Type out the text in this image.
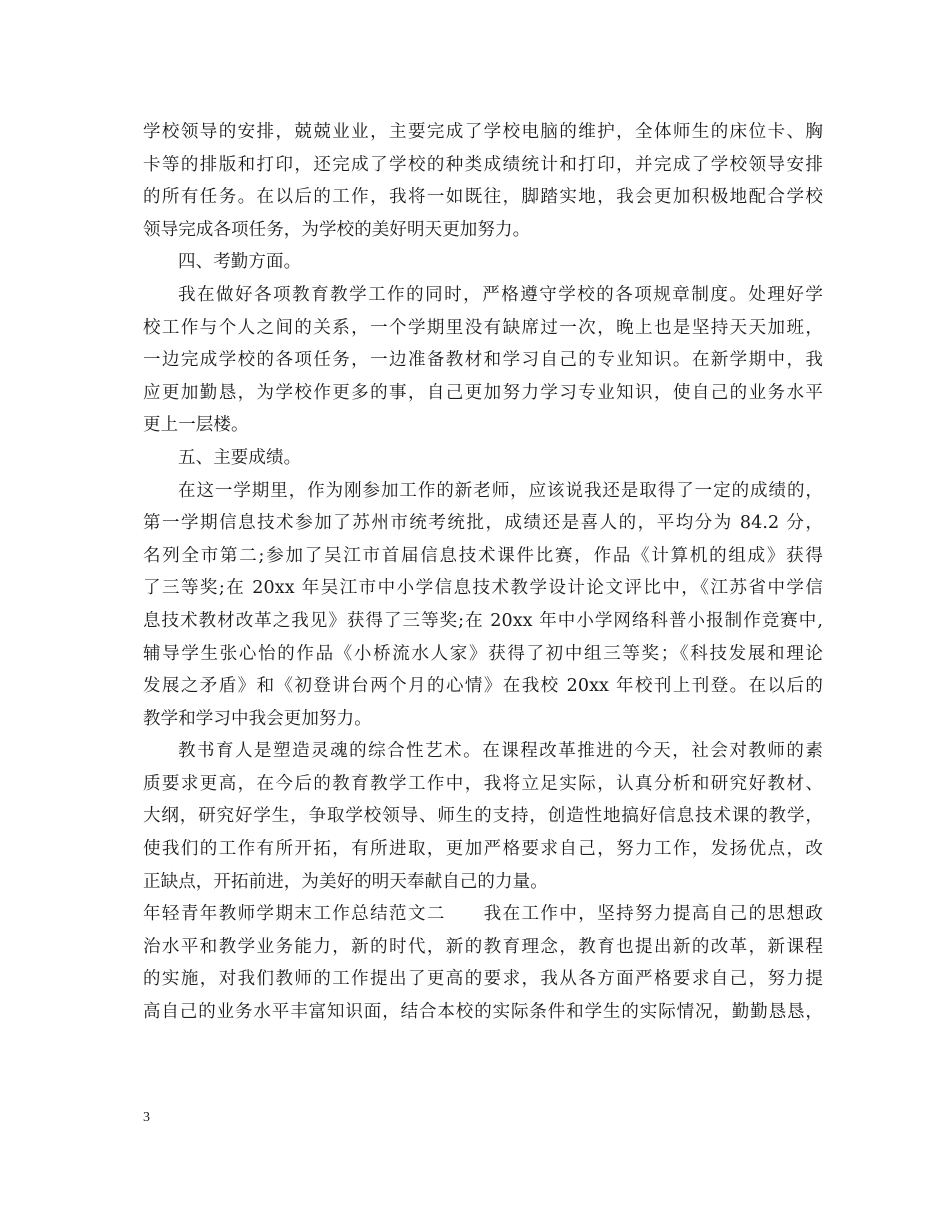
学校领导的安排，兢兢业业，主要完成了学校电脑的维护，全体师生的床位卡、胸
卡等的排版和打印，还完成了学校的种类成绩统计和打印，并完成了学校领导安排
的所有任务。在以后的工作，我将一如既往，脚踏实地，我会更加积极地配合学校
领导完成各项任务，为学校的美好明天更加努力。
四、考勤方面。
我在做好各项教育教学工作的同时，严格遵守学校的各项规章制度。处理好学
校工作与个人之间的关系，一个学期里没有缺席过一次，晚上也是坚持天天加班，
一边完成学校的各项任务，一边准备教材和学习自己的专业知识。在新学期中，我
应更加勤恳，为学校作更多的事，自己更加努力学习专业知识，使自己的业务水平
更上一层楼。
五、主要成绩。
在这一学期里，作为刚参加工作的新老师，应该说我还是取得了一定的成绩的，
第一学期信息技术参加了苏州市统考统批，成绩还是喜人的，平均分为 84.2 分，
名列全市第二;参加了吴江市首届信息技术课件比赛，作品《计算机的组成》获得
了三等奖;在 20xx 年吴江市中小学信息技术教学设计论文评比中，《江苏省中学信
息技术教材改革之我见》获得了三等奖;在 20xx 年中小学网络科普小报制作竞赛中,
辅导学生张心怡的作品《小桥流水人家》获得了初中组三等奖；《科技发展和理论
发展之矛盾》和《初登讲台两个月的心情》在我校 20xx 年校刊上刊登。在以后的
教学和学习中我会更加努力。
教书育人是塑造灵魂的综合性艺术。在课程改革推进的今天，社会对教师的素
质要求更高，在今后的教育教学工作中，我将立足实际，认真分析和研究好教材、
大纲，研究好学生，争取学校领导、师生的支持，创造性地搞好信息技术课的教学，
使我们的工作有所开拓，有所进取，更加严格要求自己，努力工作，发扬优点，改
正缺点，开拓前进，为美好的明天奉献自己的力量。
年轻青年教师学期末工作总结范文二　　我在工作中，坚持努力提高自己的思想政
治水平和教学业务能力，新的时代，新的教育理念，教育也提出新的改革，新课程
的实施，对我们教师的工作提出了更高的要求，我从各方面严格要求自己，努力提
高自己的业务水平丰富知识面，结合本校的实际条件和学生的实际情况，勤勤恳恳，
3
